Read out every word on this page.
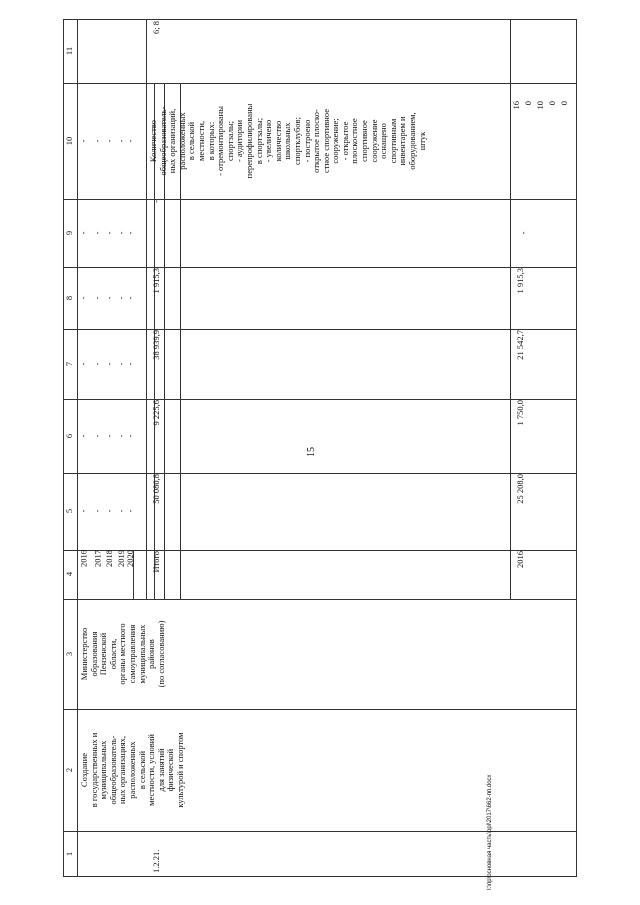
15
1
2
3
4
5
6
7
8
9
10
11
2016 2017 2018 2019 2020
- - - - -
- - - - -
- - - - -
- - - - -
- - - - -
- - - - -
1.2.21.
Создание в государственных и муниципальных общеобразователь- ных организациях, расположенных в сельской местности, условий для занятий физической культурой и спортом
Министерство образования Пензенской области, органы местного самоуправления муниципальных районов (по согласованию)
Итого
50 080,8
9 225,6
38 939,9
1 915,3
-
Количество общеобразователь- ных организаций, расположенных в сельской местности, в которых: - отремонтированы спортзалы; - аудитории перепрофилированы в спортзалы; - увеличено количество школьных спортклубов; - построено открытое плоско- стное спортивное сооружение; - открытое плоскостное спортивное сооружение оснащено спортивным инвентарем и оборудованием, штук
6; 8
2016
25 208,0
1 750,0
21 542,7
1 915,3
-
16 0 10 0 0
I:\пр\основная часть\ppl\2017\662-пп.docx
